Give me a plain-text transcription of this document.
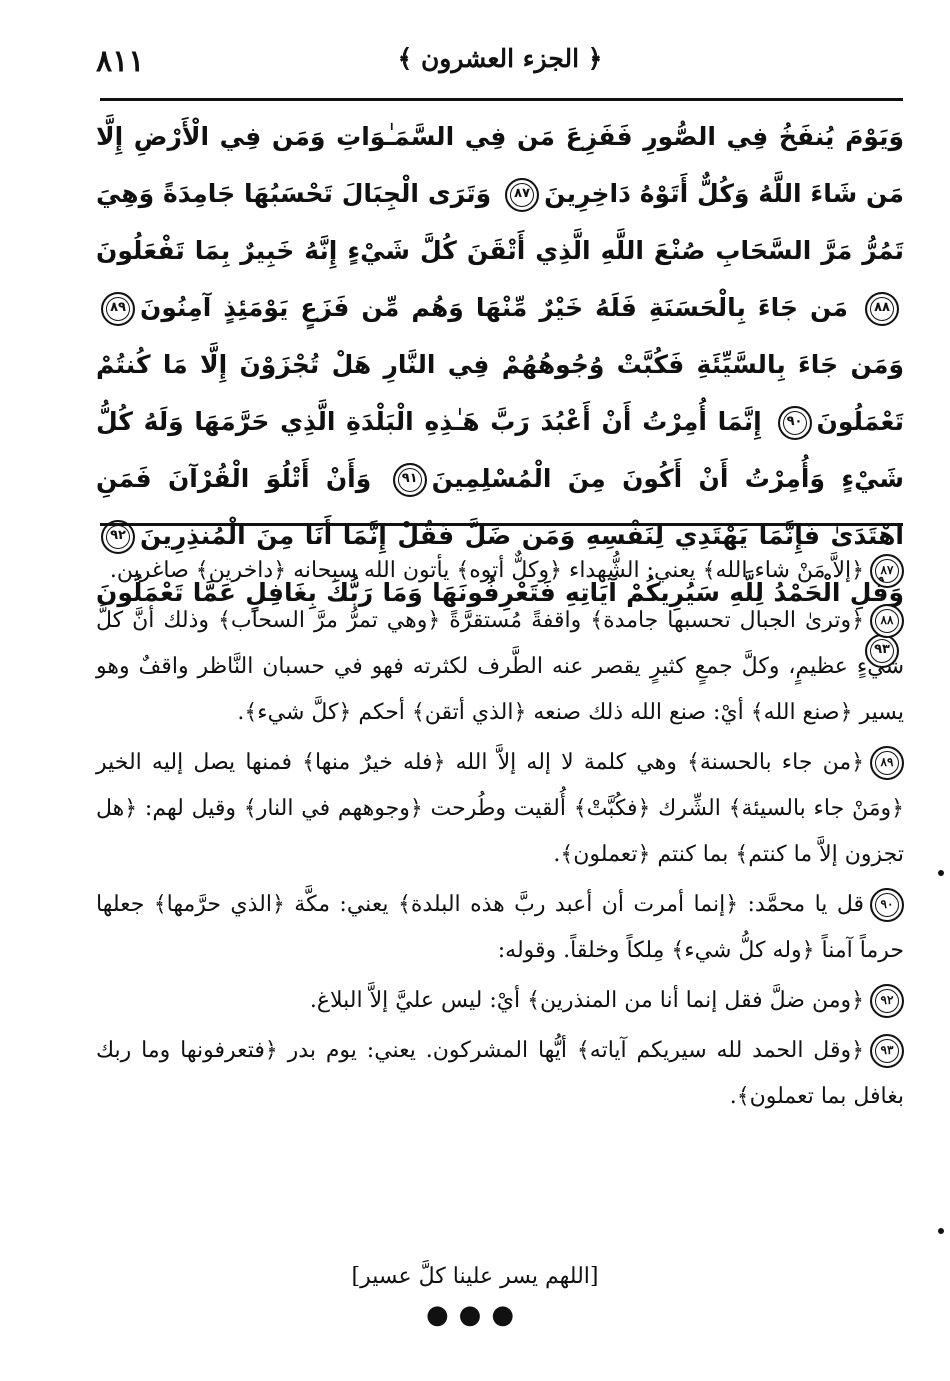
٨١١	﴿ الجزء العشرون ﴾
وَيَوْمَ يُنفَخُ فِي الصُّورِ فَفَزِعَ مَن فِي السَّمَـٰوَاتِ وَمَن فِي الْأَرْضِ إِلَّا مَن شَاءَ اللَّهُ وَكُلٌّ أَتَوْهُ دَاخِرِينَ٨٧ وَتَرَى الْجِبَالَ تَحْسَبُهَا جَامِدَةً وَهِيَ تَمُرُّ مَرَّ السَّحَابِ صُنْعَ اللَّهِ الَّذِي أَتْقَنَ كُلَّ شَيْءٍ إِنَّهُ خَبِيرٌ بِمَا تَفْعَلُونَ٨٨ مَن جَاءَ بِالْحَسَنَةِ فَلَهُ خَيْرٌ مِّنْهَا وَهُم مِّن فَزَعٍ يَوْمَئِذٍ آمِنُونَ٨٩ وَمَن جَاءَ بِالسَّيِّئَةِ فَكُبَّتْ وُجُوهُهُمْ فِي النَّارِ هَلْ تُجْزَوْنَ إِلَّا مَا كُنتُمْ تَعْمَلُونَ٩٠ إِنَّمَا أُمِرْتُ أَنْ أَعْبُدَ رَبَّ هَـٰذِهِ الْبَلْدَةِ الَّذِي حَرَّمَهَا وَلَهُ كُلُّ شَيْءٍ وَأُمِرْتُ أَنْ أَكُونَ مِنَ الْمُسْلِمِينَ٩١ وَأَنْ أَتْلُوَ الْقُرْآنَ فَمَنِ اهْتَدَىٰ فَإِنَّمَا يَهْتَدِي لِنَفْسِهِ وَمَن ضَلَّ فَقُلْ إِنَّمَا أَنَا مِنَ الْمُنذِرِينَ٩٢ وَقُلِ الْحَمْدُ لِلَّهِ سَيُرِيكُمْ آيَاتِهِ فَتَعْرِفُونَهَا وَمَا رَبُّكَ بِغَافِلٍ عَمَّا تَعْمَلُونَ٩٣
٨٧﴿إلاَّ مَنْ شاء الله﴾ يعني: الشُّهداء ﴿وكلٌّ أتوه﴾ يأتون الله سبحانه ﴿داخرين﴾ صاغرين.
٨٨﴿وترىٰ الجبال تحسبها جامدة﴾ واقفةً مُستقرَّةً ﴿وهي تمرُّ مرَّ السحاب﴾ وذلك أنَّ كلَّ شيءٍ عظيمٍ، وكلَّ جمعٍ كثيرٍ يقصر عنه الطَّرف لكثرته فهو في حسبان النَّاظر واقفٌ وهو يسير ﴿صنع الله﴾ أيْ: صنع الله ذلك صنعه ﴿الذي أتقن﴾ أحكم ﴿كلَّ شيء﴾.
٨٩﴿من جاء بالحسنة﴾ وهي كلمة لا إله إلاَّ الله ﴿فله خيرٌ منها﴾ فمنها يصل إليه الخير ﴿ومَنْ جاء بالسيئة﴾ الشِّرك ﴿فكُبَّتْ﴾ أُلقيت وطُرحت ﴿وجوههم في النار﴾ وقيل لهم: ﴿هل تجزون إلاَّ ما كنتم﴾ بما كنتم ﴿تعملون﴾.
٩٠قل يا محمَّد: ﴿إنما أمرت أن أعبد ربَّ هذه البلدة﴾ يعني: مكَّة ﴿الذي حرَّمها﴾ جعلها حرماً آمناً ﴿وله كلُّ شيء﴾ مِلكاً وخلقاً. وقوله:
٩٢﴿ومن ضلَّ فقل إنما أنا من المنذرين﴾ أيْ: ليس عليَّ إلاَّ البلاغ.
٩٣﴿وقل الحمد لله سيريكم آياته﴾ أيُّها المشركون. يعني: يوم بدر ﴿فتعرفونها وما ربك بغافل بما تعملون﴾.
[اللهم يسر علينا كلَّ عسير]
●●●
